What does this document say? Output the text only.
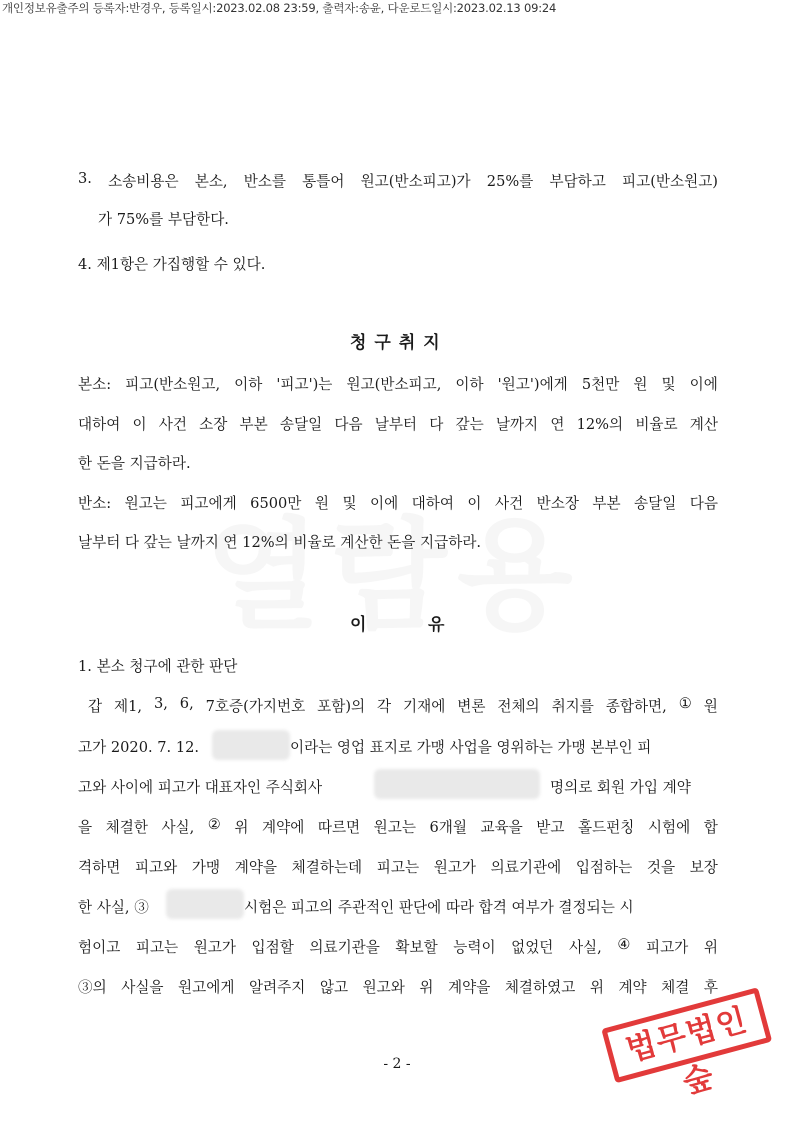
개인정보유출주의 등록자:반경우, 등록일시:2023.02.08 23:59, 출력자:송윤, 다운로드일시:2023.02.13 09:24
3. 소송비용은 본소, 반소를 통틀어 원고(반소피고)가 25%를 부담하고 피고(반소원고)
가 75%를 부담한다.
4. 제1항은 가집행할 수 있다.
청구취지
본소: 피고(반소원고, 이하 '피고')는 원고(반소피고, 이하 '원고')에게 5천만 원 및 이에
대하여 이 사건 소장 부본 송달일 다음 날부터 다 갚는 날까지 연 12%의 비율로 계산
한 돈을 지급하라.
반소: 원고는 피고에게 6500만 원 및 이에 대하여 이 사건 반소장 부본 송달일 다음
날부터 다 갚는 날까지 연 12%의 비율로 계산한 돈을 지급하라.
이	유
1. 본소 청구에 관한 판단
갑 제1, 3, 6, 7호증(가지번호 포함)의 각 기재에 변론 전체의 취지를 종합하면, ① 원
고가 2020. 7. 12.	이라는 영업 표지로 가맹 사업을 영위하는 가맹 본부인 피
고와 사이에 피고가 대표자인 주식회사	명의로 회원 가입 계약
을 체결한 사실, ② 위 계약에 따르면 원고는 6개월 교육을 받고 홀드펀칭 시험에 합
격하면 피고와 가맹 계약을 체결하는데 피고는 원고가 의료기관에 입점하는 것을 보장
한 사실, ③	시험은 피고의 주관적인 판단에 따라 합격 여부가 결정되는 시
험이고 피고는 원고가 입점할 의료기관을 확보할 능력이 없었던 사실, ④ 피고가 위
③의 사실을 원고에게 알려주지 않고 원고와 위 계약을 체결하였고 위 계약 체결 후
- 2 -	법무법인 숲
